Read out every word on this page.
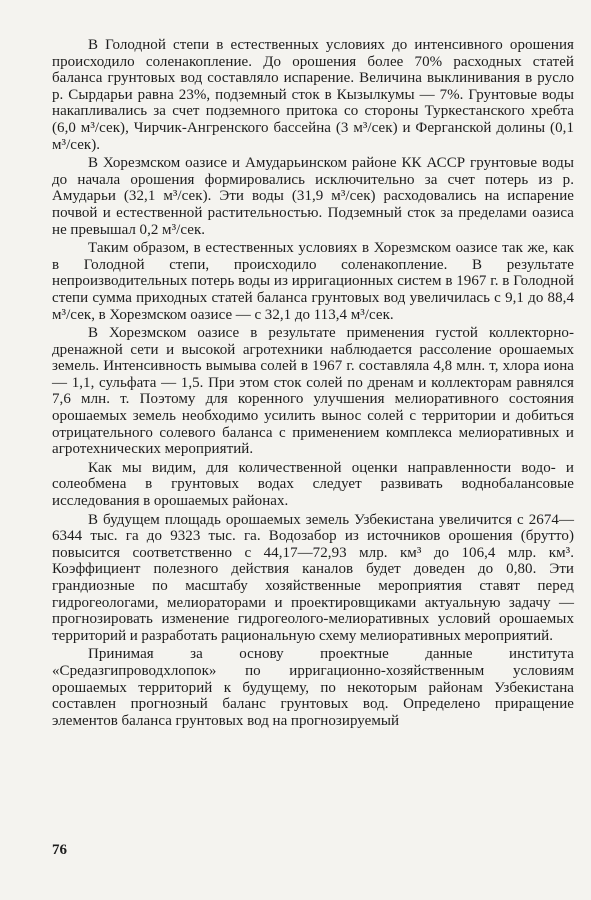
В Голодной степи в естественных условиях до интенсивного орошения происходило соленакопление. До орошения более 70% расходных статей баланса грунтовых вод составляло испарение. Величина выклинивания в русло р. Сырдарьи равна 23%, подземный сток в Кызылкумы — 7%. Грунтовые воды накапливались за счет подземного притока со стороны Туркестанского хребта (6,0 м³/сек), Чирчик-Ангренского бассейна (3 м³/сек) и Ферганской долины (0,1 м³/сек).

В Хорезмском оазисе и Амударьинском районе КК АССР грунтовые воды до начала орошения формировались исключительно за счет потерь из р. Амударьи (32,1 м³/сек). Эти воды (31,9 м³/сек) расходовались на испарение почвой и естественной растительностью. Подземный сток за пределами оазиса не превышал 0,2 м³/сек.

Таким образом, в естественных условиях в Хорезмском оазисе так же, как в Голодной степи, происходило соленакопление. В результате непроизводительных потерь воды из ирригационных систем в 1967 г. в Голодной степи сумма приходных статей баланса грунтовых вод увеличилась с 9,1 до 88,4 м³/сек, в Хорезмском оазисе — с 32,1 до 113,4 м³/сек.

В Хорезмском оазисе в результате применения густой коллекторно-дренажной сети и высокой агротехники наблюдается рассоление орошаемых земель. Интенсивность вымыва солей в 1967 г. составляла 4,8 млн. т, хлора иона — 1,1, сульфата — 1,5. При этом сток солей по дренам и коллекторам равнялся 7,6 млн. т. Поэтому для коренного улучшения мелиоративного состояния орошаемых земель необходимо усилить вынос солей с территории и добиться отрицательного солевого баланса с применением комплекса мелиоративных и агротехнических мероприятий.

Как мы видим, для количественной оценки направленности водо- и солеобмена в грунтовых водах следует развивать воднобалансовые исследования в орошаемых районах.

В будущем площадь орошаемых земель Узбекистана увеличится с 2674—6344 тыс. га до 9323 тыс. га. Водозабор из источников орошения (брутто) повысится соответственно с 44,17—72,93 млр. км³ до 106,4 млр. км³. Коэффициент полезного действия каналов будет доведен до 0,80. Эти грандиозные по масштабу хозяйственные мероприятия ставят перед гидрогеологами, мелиораторами и проектировщиками актуальную задачу — прогнозировать изменение гидрогеолого-мелиоративных условий орошаемых территорий и разработать рациональную схему мелиоративных мероприятий.

Принимая за основу проектные данные института «Средазгипроводхлопок» по ирригационно-хозяйственным условиям орошаемых территорий к будущему, по некоторым районам Узбекистана составлен прогнозный баланс грунтовых вод. Определено приращение элементов баланса грунтовых вод на прогнозируемый

76
